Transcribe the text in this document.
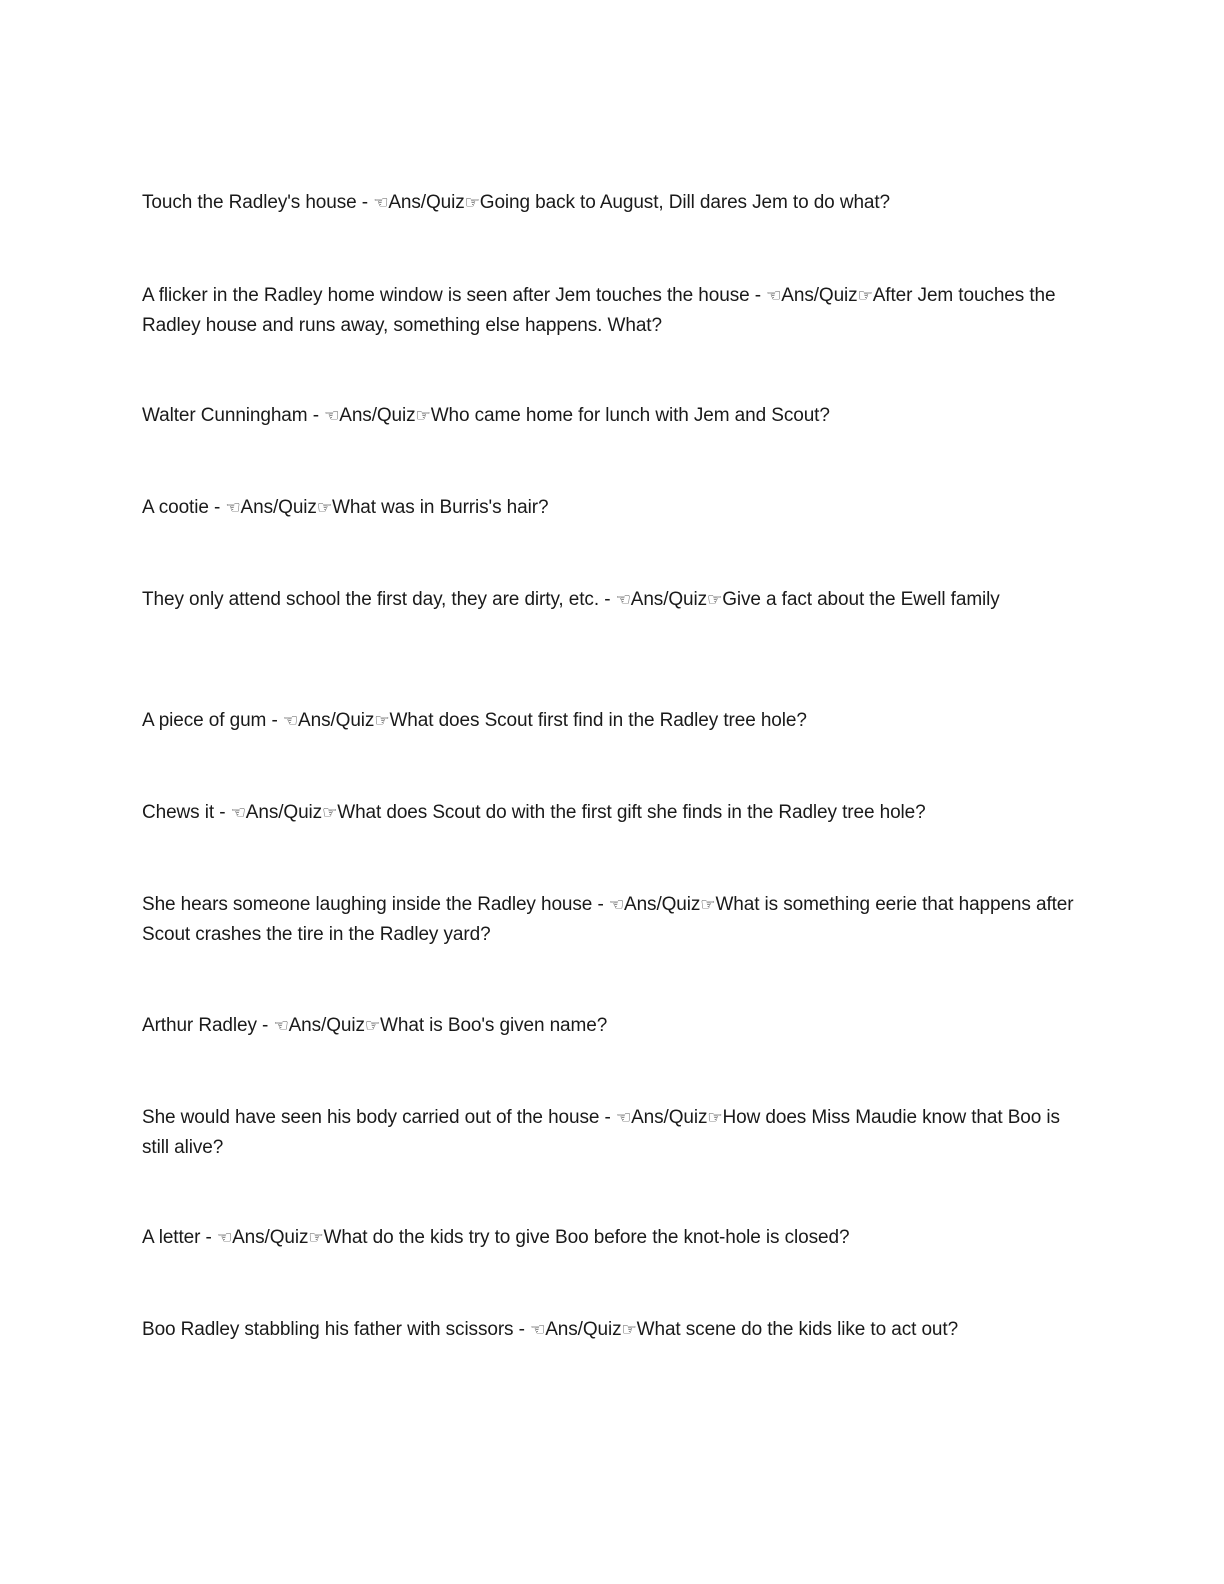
Touch the Radley's house - ☜Ans/Quiz☞Going back to August, Dill dares Jem to do what?

A flicker in the Radley home window is seen after Jem touches the house - ☜Ans/Quiz☞After Jem touches the Radley house and runs away, something else happens. What?

Walter Cunningham - ☜Ans/Quiz☞Who came home for lunch with Jem and Scout?

A cootie - ☜Ans/Quiz☞What was in Burris's hair?

They only attend school the first day, they are dirty, etc. - ☜Ans/Quiz☞Give a fact about the Ewell family

A piece of gum - ☜Ans/Quiz☞What does Scout first find in the Radley tree hole?

Chews it - ☜Ans/Quiz☞What does Scout do with the first gift she finds in the Radley tree hole?

She hears someone laughing inside the Radley house - ☜Ans/Quiz☞What is something eerie that happens after Scout crashes the tire in the Radley yard?

Arthur Radley - ☜Ans/Quiz☞What is Boo's given name?

She would have seen his body carried out of the house - ☜Ans/Quiz☞How does Miss Maudie know that Boo is still alive?

A letter - ☜Ans/Quiz☞What do the kids try to give Boo before the knot-hole is closed?

Boo Radley stabbling his father with scissors - ☜Ans/Quiz☞What scene do the kids like to act out?
